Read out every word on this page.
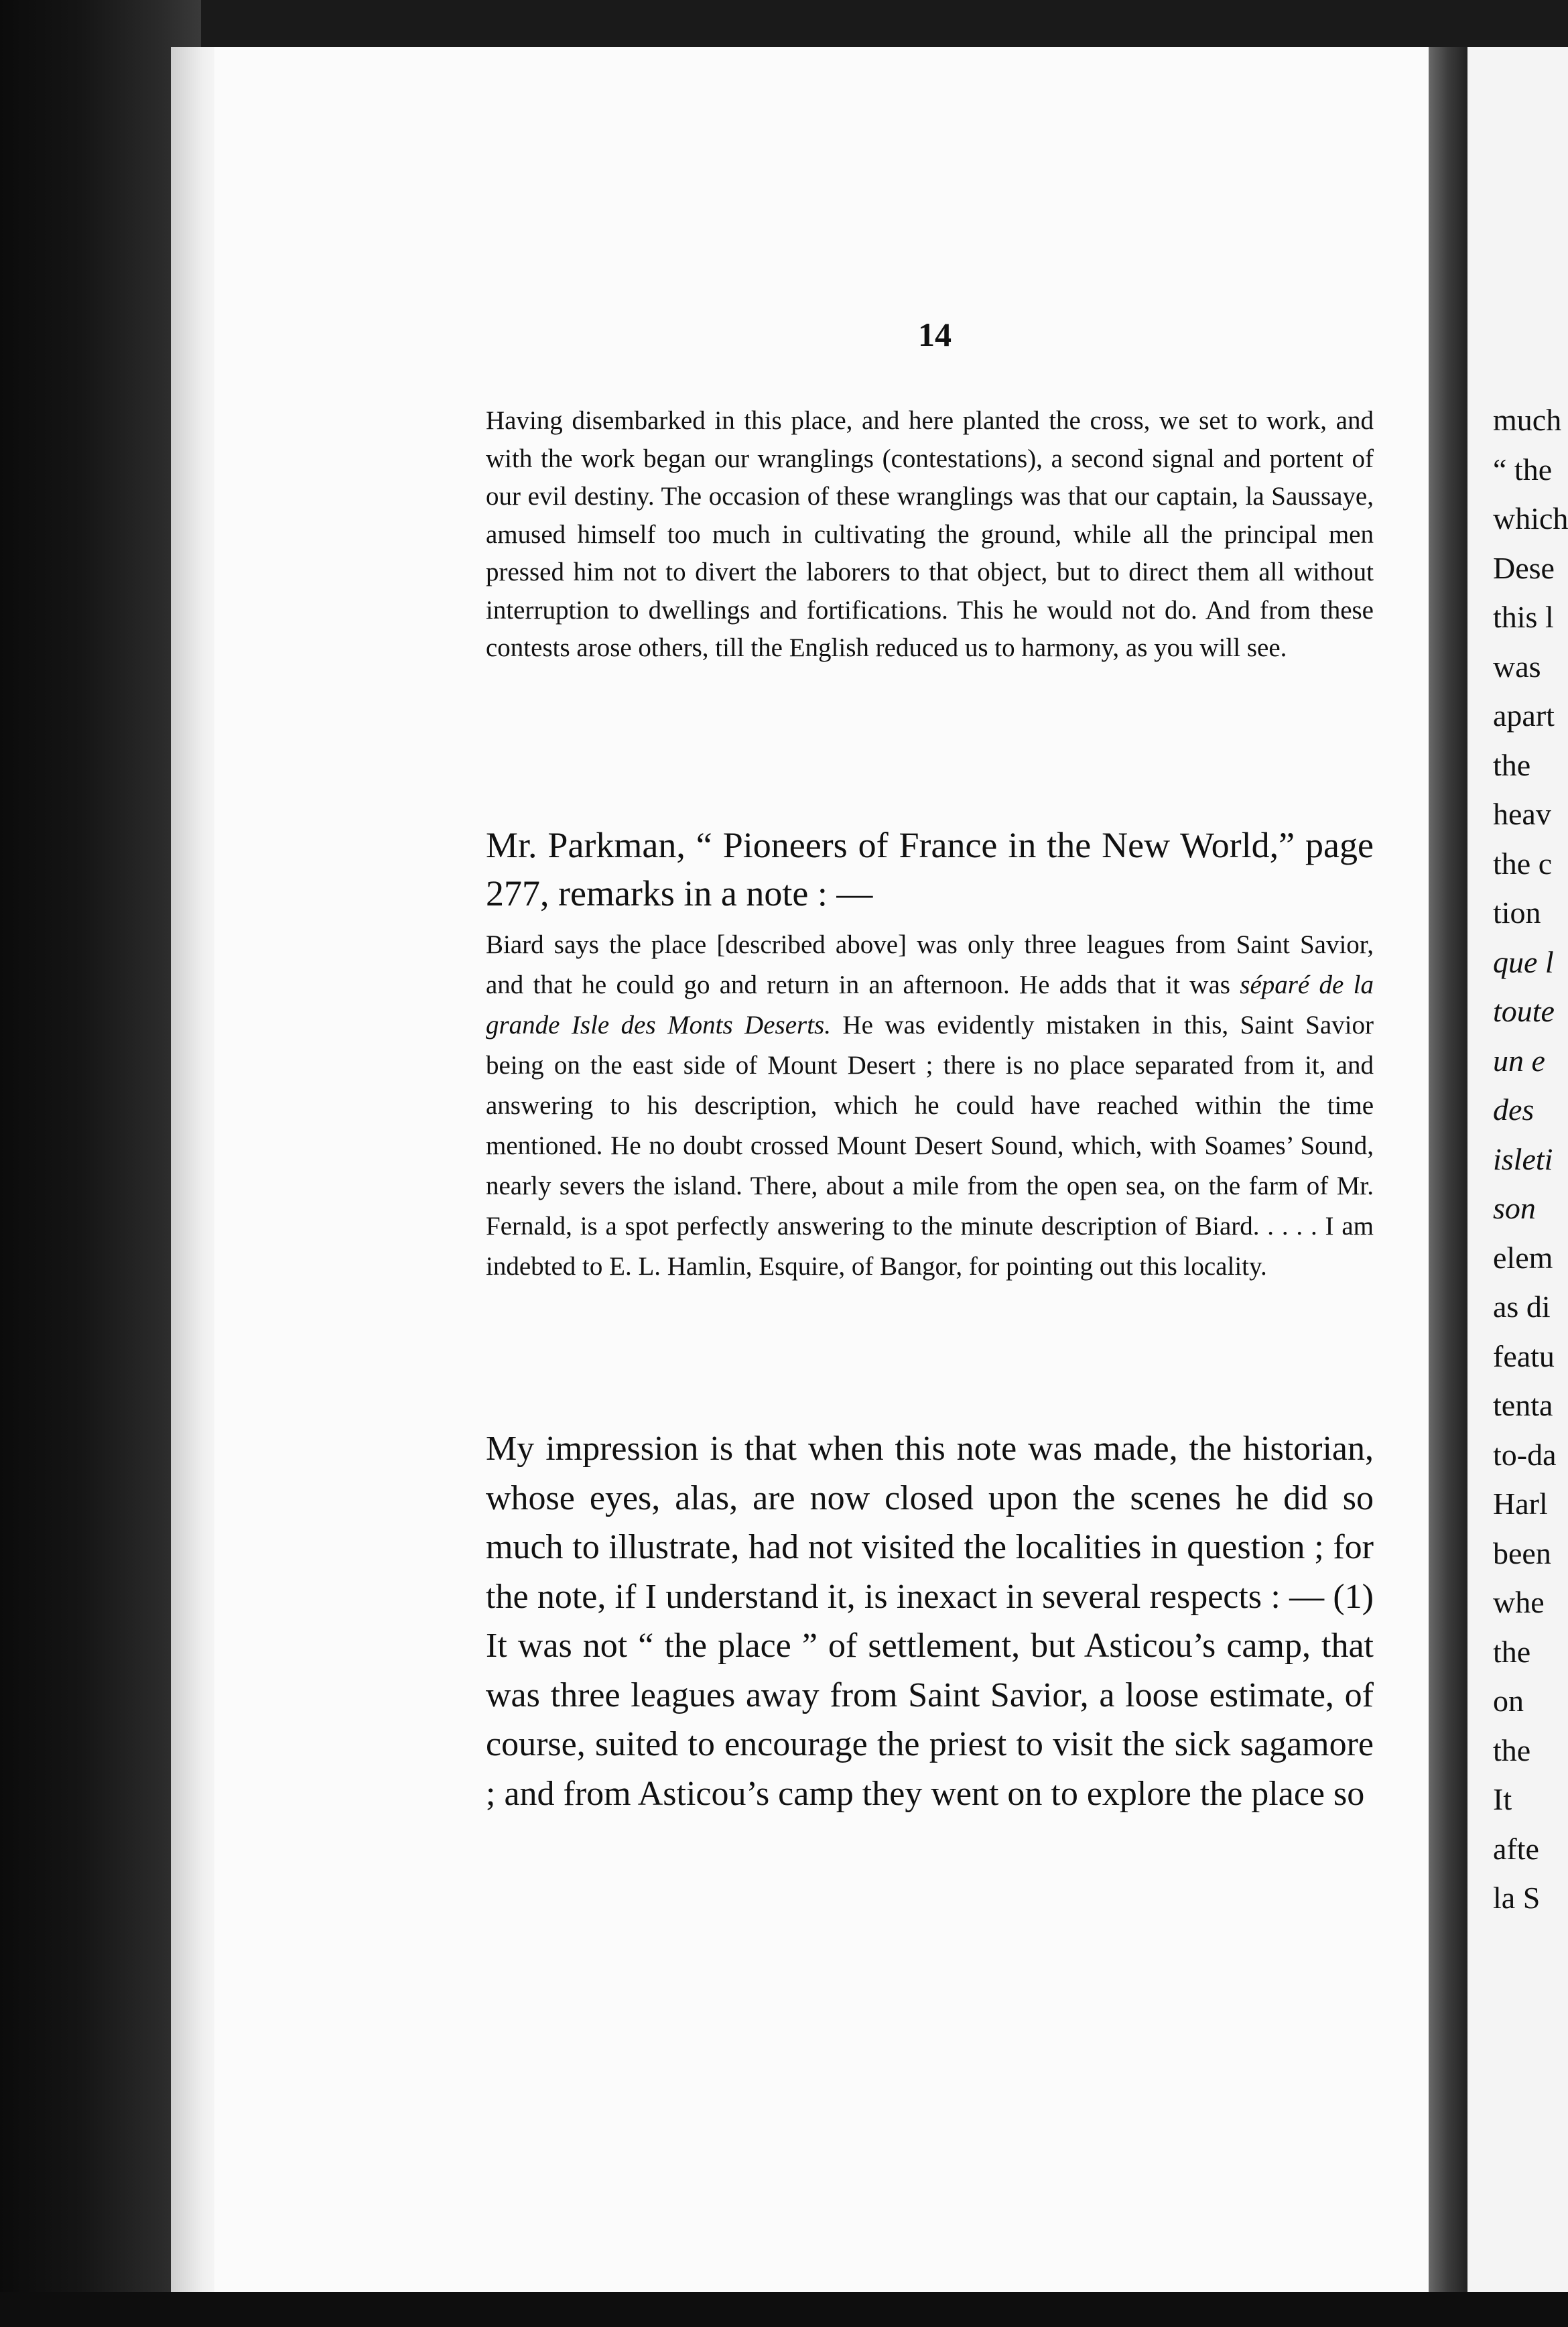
14

Having disembarked in this place, and here planted the cross, we set to work, and with the work began our wranglings (contestations), a second signal and portent of our evil destiny. The occasion of these wranglings was that our captain, la Saussaye, amused himself too much in cultivating the ground, while all the principal men pressed him not to divert the laborers to that object, but to direct them all without interruption to dwellings and fortifications. This he would not do. And from these contests arose others, till the English reduced us to harmony, as you will see.

Mr. Parkman, “ Pioneers of France in the New World,” page 277, remarks in a note : —

Biard says the place [described above] was only three leagues from Saint Savior, and that he could go and return in an afternoon. He adds that it was séparé de la grande Isle des Monts Deserts. He was evidently mistaken in this, Saint Savior being on the east side of Mount Desert ; there is no place separated from it, and answering to his description, which he could have reached within the time mentioned. He no doubt crossed Mount Desert Sound, which, with Soames’ Sound, nearly severs the island. There, about a mile from the open sea, on the farm of Mr. Fernald, is a spot perfectly answering to the minute description of Biard. . . . . I am indebted to E. L. Hamlin, Esquire, of Bangor, for pointing out this locality.

My impression is that when this note was made, the historian, whose eyes, alas, are now closed upon the scenes he did so much to illustrate, had not visited the localities in question ; for the note, if I understand it, is inexact in several respects : — (1) It was not “ the place ” of settlement, but Asticou’s camp, that was three leagues away from Saint Savior, a loose estimate, of course, suited to encourage the priest to visit the sick sagamore ; and from Asticou’s camp they went on to explore the place so

much
“ the
which
Dese
this l
was
apart
the
heav
the c
tion
que l
toute
un e
des
isleti
son
elem
as di
featu
tenta
to-da
Harl
been
whe
the
on
the
It
afte
la S
